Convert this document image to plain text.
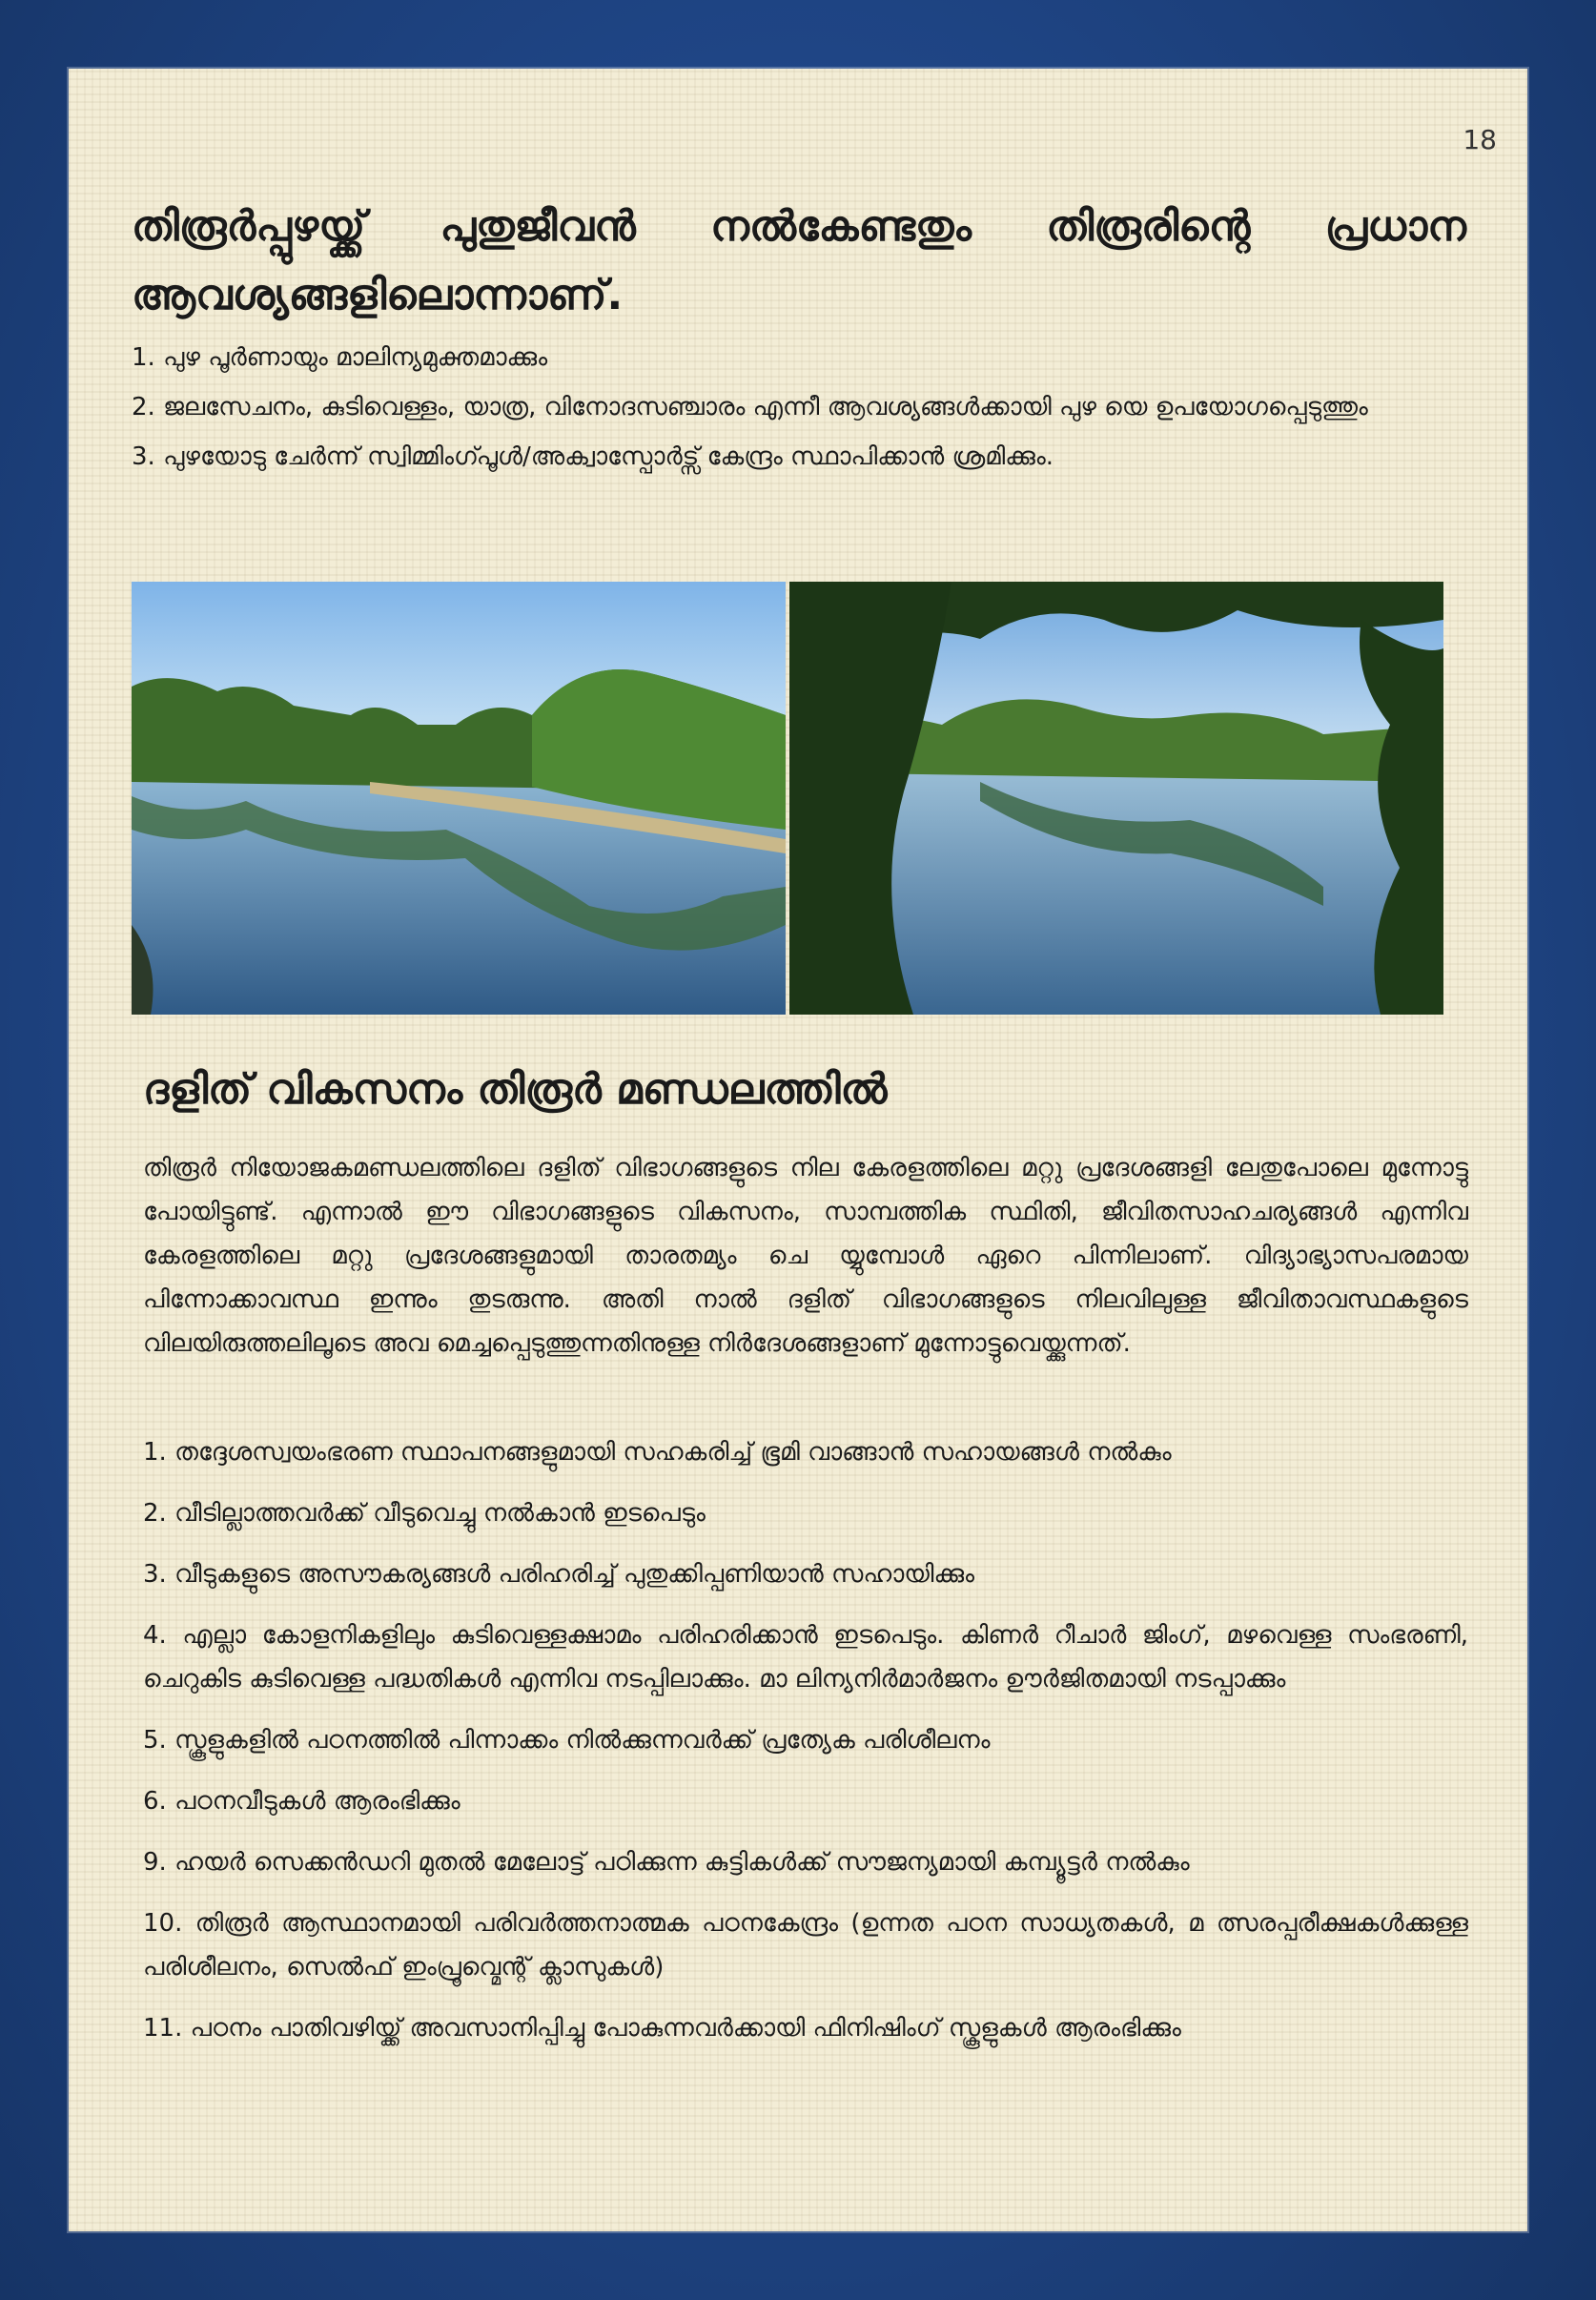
18
തിരൂർപ്പുഴയ്ക്ക് പുതുജീവൻ നൽകേണ്ടതും തിരൂരിന്റെ പ്രധാന ആവശ്യങ്ങളിലൊന്നാണ്.

1. പുഴ പൂർണായും മാലിന്യമുക്തമാക്കും

2. ജലസേചനം, കുടിവെള്ളം, യാത്ര, വിനോദസഞ്ചാരം എന്നീ ആവശ്യങ്ങൾക്കായി പുഴ യെ ഉപയോഗപ്പെടുത്തും

3. പുഴയോടു ചേർന്ന് സ്വിമ്മിംഗ്പൂൾ/അക്വാസ്പോർട്സ് കേന്ദ്രം സ്ഥാപിക്കാൻ ശ്രമിക്കും.

ദളിത് വികസനം തിരൂർ മണ്ഡലത്തിൽ

തിരൂർ നിയോജകമണ്ഡലത്തിലെ ദളിത് വിഭാഗങ്ങളുടെ നില കേരളത്തിലെ മറ്റു പ്രദേശങ്ങളി ലേതുപോലെ മുന്നോട്ടു പോയിട്ടുണ്ട്. എന്നാൽ ഈ വിഭാഗങ്ങളുടെ വികസനം, സാമ്പത്തിക സ്ഥിതി, ജീവിതസാഹചര്യങ്ങൾ എന്നിവ കേരളത്തിലെ മറ്റു പ്രദേശങ്ങളുമായി താരതമ്യം ചെ യ്യുമ്പോൾ ഏറെ പിന്നിലാണ്. വിദ്യാഭ്യാസപരമായ പിന്നോക്കാവസ്ഥ ഇന്നും തുടരുന്നു. അതി നാൽ ദളിത് വിഭാഗങ്ങളുടെ നിലവിലുള്ള ജീവിതാവസ്ഥകളുടെ വിലയിരുത്തലിലൂടെ അവ മെച്ചപ്പെടുത്തുന്നതിനുള്ള നിർദേശങ്ങളാണ് മുന്നോട്ടുവെയ്ക്കുന്നത്.

1. തദ്ദേശസ്വയംഭരണ സ്ഥാപനങ്ങളുമായി സഹകരിച്ച് ഭൂമി വാങ്ങാൻ സഹായങ്ങൾ നൽകും

2. വീടില്ലാത്തവർക്ക് വീടുവെച്ചു നൽകാൻ ഇടപെടും

3. വീടുകളുടെ അസൗകര്യങ്ങൾ പരിഹരിച്ച് പുതുക്കിപ്പണിയാൻ സഹായിക്കും

4. എല്ലാ കോളനികളിലും കുടിവെള്ളക്ഷാമം പരിഹരിക്കാൻ ഇടപെടും. കിണർ റീചാർ ജിംഗ്, മഴവെള്ള സംഭരണി, ചെറുകിട കുടിവെള്ള പദ്ധതികൾ എന്നിവ നടപ്പിലാക്കും. മാ ലിന്യനിർമാർജനം ഊർജിതമായി നടപ്പാക്കും

5. സ്കൂളുകളിൽ പഠനത്തിൽ പിന്നാക്കം നിൽക്കുന്നവർക്ക് പ്രത്യേക പരിശീലനം

6. പഠനവീടുകൾ ആരംഭിക്കും

9. ഹയർ സെക്കൻഡറി മുതൽ മേലോട്ട് പഠിക്കുന്ന കുട്ടികൾക്ക് സൗജന്യമായി കമ്പ്യൂട്ടർ നൽകും

10. തിരൂർ ആസ്ഥാനമായി പരിവർത്തനാത്മക പഠനകേന്ദ്രം (ഉന്നത പഠന സാധ്യതകൾ, മ ത്സരപ്പരീക്ഷകൾക്കുള്ള പരിശീലനം, സെൽഫ് ഇംപ്രൂവ്മെന്റ് ക്ലാസുകൾ)

11. പഠനം പാതിവഴിയ്ക്ക് അവസാനിപ്പിച്ചു പോകുന്നവർക്കായി ഫിനിഷിംഗ് സ്കൂളുകൾ ആരംഭിക്കും
